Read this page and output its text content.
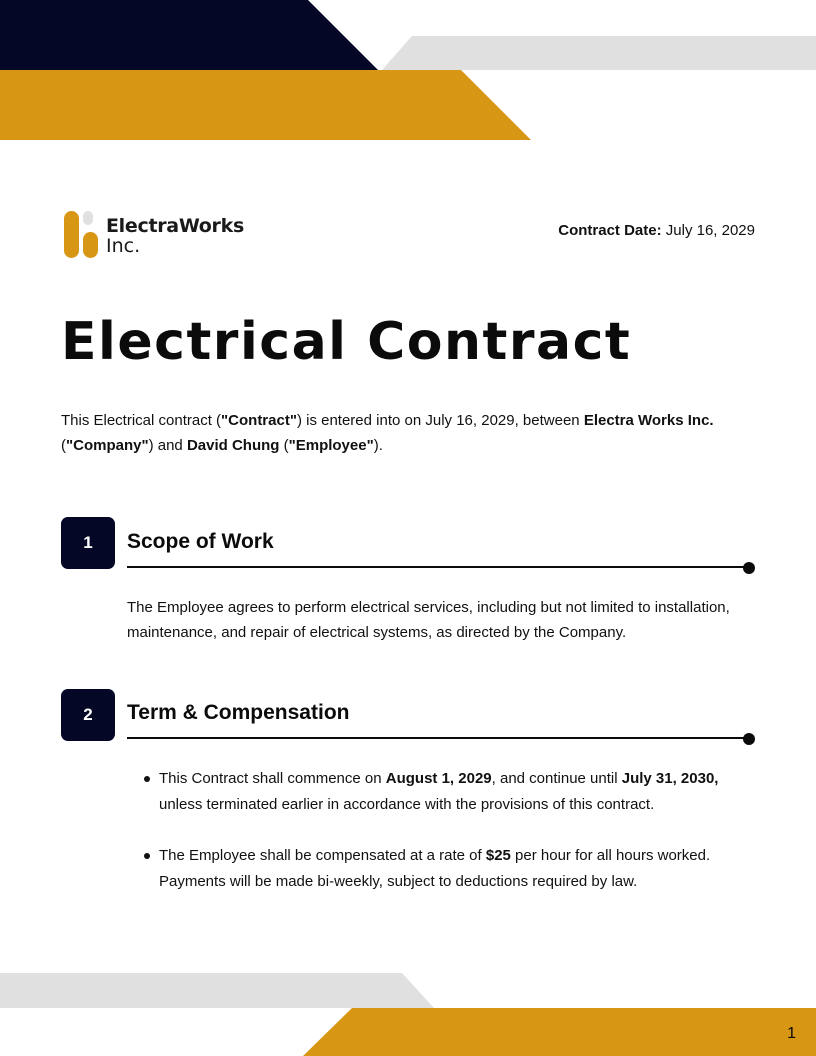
ElectraWorks
Inc.
Contract Date: July 16, 2029
Electrical Contract
This Electrical contract ("Contract") is entered into on July 16, 2029, between Electra Works Inc.
("Company") and David Chung ("Employee").
1	Scope of Work
The Employee agrees to perform electrical services, including but not limited to installation, maintenance, and repair of electrical systems, as directed by the Company.
2	Term & Compensation
This Contract shall commence on August 1, 2029, and continue until July 31, 2030, unless terminated earlier in accordance with the provisions of this contract.
The Employee shall be compensated at a rate of $25 per hour for all hours worked. Payments will be made bi-weekly, subject to deductions required by law.
1
